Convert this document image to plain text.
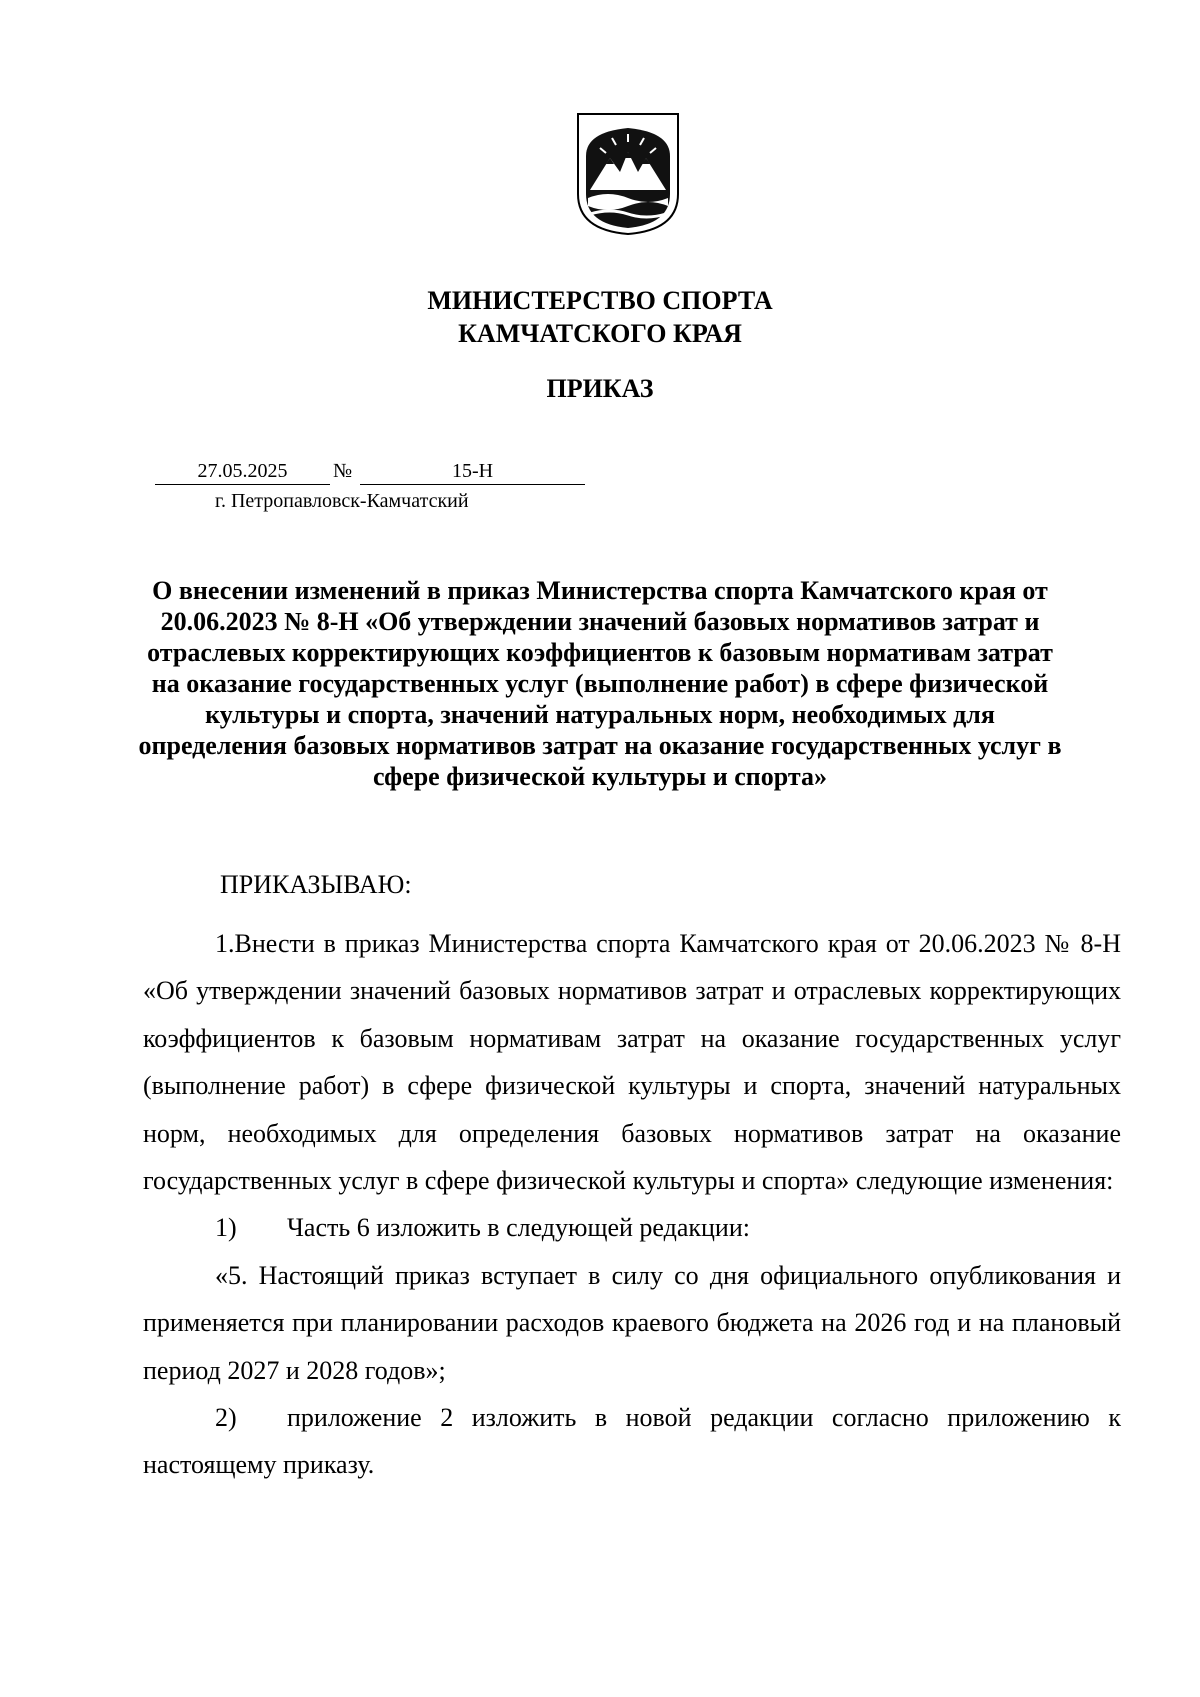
МИНИСТЕРСТВО СПОРТА
КАМЧАТСКОГО КРАЯ
ПРИКАЗ
27.05.2025	№	15-Н
г. Петропавловск-Камчатский
О внесении изменений в приказ Министерства спорта Камчатского края от 20.06.2023 № 8-Н «Об утверждении значений базовых нормативов затрат и отраслевых корректирующих коэффициентов к базовым нормативам затрат на оказание государственных услуг (выполнение работ) в сфере физической культуры и спорта, значений натуральных норм, необходимых для определения базовых нормативов затрат на оказание государственных услуг в сфере физической культуры и спорта»
ПРИКАЗЫВАЮ:

1.Внести в приказ Министерства спорта Камчатского края от 20.06.2023 № 8-Н «Об утверждении значений базовых нормативов затрат и отраслевых корректирующих коэффициентов к базовым нормативам затрат на оказание государственных услуг (выполнение работ) в сфере физической культуры и спорта, значений натуральных норм, необходимых для определения базовых нормативов затрат на оказание государственных услуг в сфере физической культуры и спорта» следующие изменения:

1) Часть 6 изложить в следующей редакции:

«5. Настоящий приказ вступает в силу со дня официального опубликования и применяется при планировании расходов краевого бюджета на 2026 год и на плановый период 2027 и 2028 годов»;

2) приложение 2 изложить в новой редакции согласно приложению к настоящему приказу.
